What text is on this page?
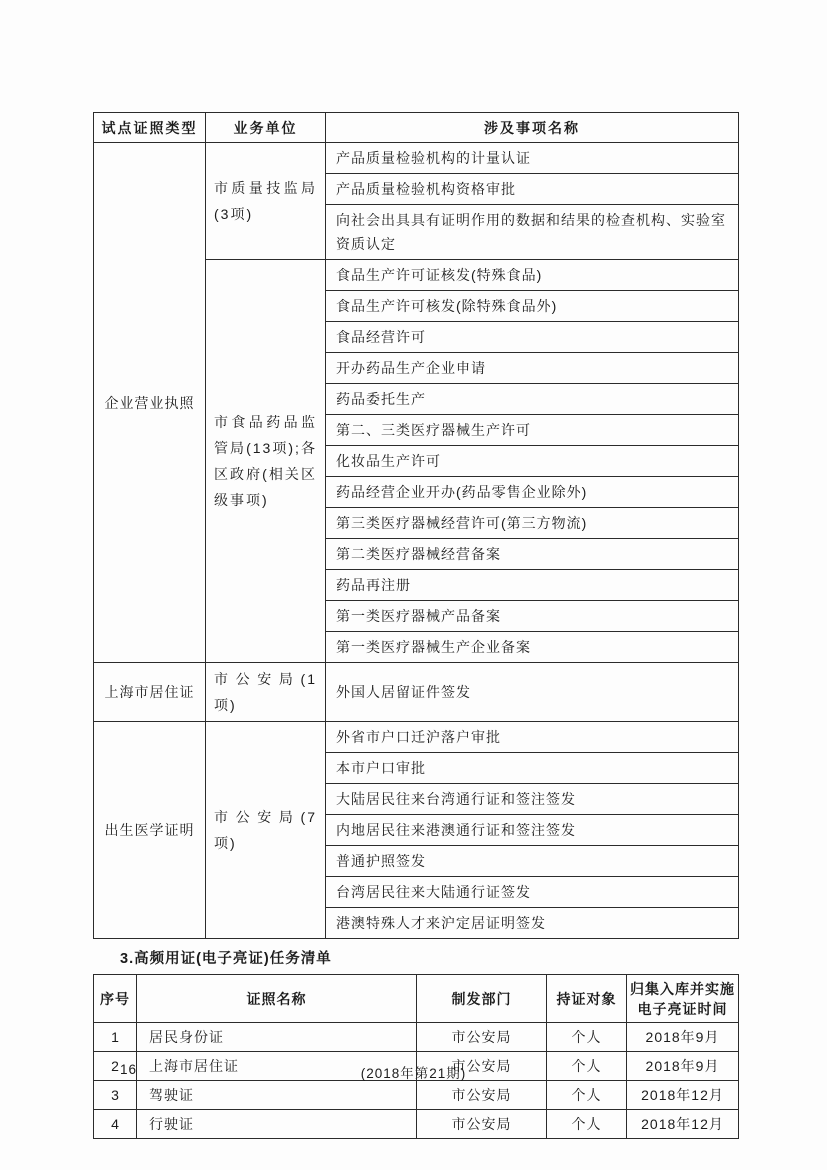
试点证照类型	业务单位	涉及事项名称
企业营业执照	市质量技监局(3项)	产品质量检验机构的计量认证
		产品质量检验机构资格审批
		向社会出具具有证明作用的数据和结果的检查机构、实验室资质认定
	市食品药品监管局(13项);各区政府(相关区级事项)	食品生产许可证核发(特殊食品)
		食品生产许可核发(除特殊食品外)
		食品经营许可
		开办药品生产企业申请
		药品委托生产
		第二、三类医疗器械生产许可
		化妆品生产许可
		药品经营企业开办(药品零售企业除外)
		第三类医疗器械经营许可(第三方物流)
		第二类医疗器械经营备案
		药品再注册
		第一类医疗器械产品备案
		第一类医疗器械生产企业备案
上海市居住证	市公安局(1项)	外国人居留证件签发
出生医学证明	市公安局(7项)	外省市户口迁沪落户审批
		本市户口审批
		大陆居民往来台湾通行证和签注签发
		内地居民往来港澳通行证和签注签发
		普通护照签发
		台湾居民往来大陆通行证签发
		港澳特殊人才来沪定居证明签发
3.高频用证(电子亮证)任务清单
序号	证照名称	制发部门	持证对象	归集入库并实施电子亮证时间
1	居民身份证	市公安局	个人	2018年9月
2	上海市居住证	市公安局	个人	2018年9月
3	驾驶证	市公安局	个人	2018年12月
4	行驶证	市公安局	个人	2018年12月
16	(2018年第21期)
